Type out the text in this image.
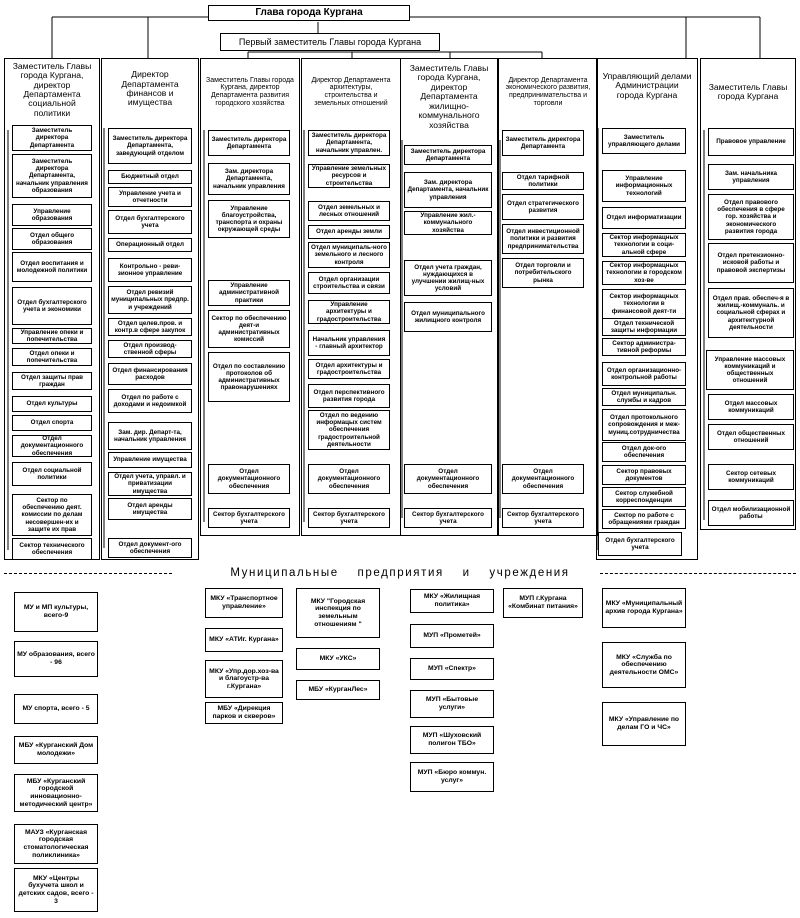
Глава города Кургана
Первый заместитель Главы города Кургана
Заместитель Главы города Кургана, директор Департамента социальной политики
Заместитель директора Департамента
Заместитель директора Департамента, начальник управления образования
Управление образования
Отдел общего образования
Отдел воспитания и молодежной политики
Отдел бухгалтерского учета и экономики
Управление опеки и попечительства
Отдел опеки и попечительства
Отдел защиты прав граждан
Отдел культуры
Отдел спорта
Отдел документационного обеспечения
Отдел социальной политики
Сектор по обеспечению деят. комиссии по делам несовершен-их и защите их прав
Сектор технического обеспечения
Директор Департамента финансов и имущества
Заместитель директора Департамента, заведующий отделом
Бюджетный отдел
Управление учета и отчетности
Отдел бухгалтерского учета
Операционный отдел
Контрольно - реви-зионное управление
Отдел ревизий муниципальных предпр. и учреждений
Отдел целев.пров. и контр.в сфере закупок
Отдел производ-ственной сферы
Отдел финансирования расходов
Отдел по работе с доходами и недоимкой
Зам. дир. Департ-та, начальник управления
Управление имущества
Отдел учета, управл. и приватизации имущества
Отдел аренды имущества
Отдел документ-ого обеспечения
Заместитель Главы города Кургана, директор Департамента развития городского хозяйства
Заместитель директора Департамента
Зам. директора Департамента, начальник управления
Управление благоустройства, транспорта и охраны окружающей среды
Управление административной практики
Сектор по обеспечению деят-и административных комиссий
Отдел по составлению протоколов об административных правонарушениях
Отдел документационного обеспечения
Сектор бухгалтерского учета
Директор Департамента архитектуры, строительства и земельных отношений
Заместитель директора Департамента, начальник управлен.
Управление земельных ресурсов и строительства
Отдел земельных и лесных отношений
Отдел аренды земли
Отдел муниципаль-ного земельного и лесного контроля
Отдел организации строительства и связи
Управление архитектуры и градостроительства
Начальник управления - главный архитектор
Отдел архитектуры и градостроительства
Отдел перспективного развития города
Отдел по ведению информацых систем обеспечения градостроительной деятельности
Отдел документационного обеспечения
Сектор бухгалтерского учета
Заместитель Главы города Кургана, директор Департамента жилищно-коммунального хозяйства
Заместитель директора Департамента
Зам. директора Департамента, начальник управления
Управление жил.-коммунального хозяйства
Отдел учета граждан, нуждающихся в улучшении жилищ-ных условий
Отдел муниципального жилищного контроля
Отдел документационного обеспечения
Сектор бухгалтерского учета
Директор Департамента экономического развития, предпринимательства и торговли
Заместитель директора Департамента
Отдел тарифной политики
Отдел стратегического развития
Отдел инвестиционной политики и развития предпринимательства
Отдел торговли и потребительского рынка
Отдел документационного обеспечения
Сектор бухгалтерского учета
Управляющий делами Администрации города Кургана
Заместитель управляющего делами
Управление информационных технологий
Отдел информатизации
Сектор информацных технологии в соци-альной сфере
Сектор информацных технологии в городском хоз-ве
Сектор информацных технологии в финансовой деят-ти
Отдел технической защиты информации
Сектор администра-тивной реформы
Отдел организационно-контрольной работы
Отдел муниципальн. службы и кадров
Отдел протокольного сопровождения и меж-муниц.сотрудничества
Отдел док-ого обеспечения
Сектор правовых документов
Сектор служебной корреспонденции
Сектор по работе с обращениями граждан
Отдел бухгалтерского учета
Заместитель Главы города Кургана
Правовое управление
Зам. начальника управления
Отдел правового обеспечения в сфере гор. хозяйства и экономического развития города
Отдел претензионно-исковой работы и правовой экспертизы
Отдел прав. обеспеч-я в жилищ.-коммуналь. и социальной сферах и архитектурной деятельности
Управление массовых коммуникаций и общественных отношений
Отдел массовых коммуникаций
Отдел общественных отношений
Сектор сетевых коммуникаций
Отдел мобилизационной работы
МУ и МП культуры, всего-9
МУ образования, всего - 96
МУ спорта, всего - 5
МБУ «Курганский Дом молодежи»
МБУ «Курганский городской инновационно-методический центр»
МАУЗ «Курганская городская стоматологическая поликлиника»
МКУ «Центры бухучета школ и детских садов, всего - 3
МКУ «Транспортное управление»
МКУ «АТИг. Кургана»
МКУ «Упр.дор.хоз-ва и благоустр-ва г.Кургана»
МБУ «Дирекция парков и скверов»
МКУ "Городская инспекция по земельным отношениям "
МКУ «УКС»
МБУ «КурганЛес»
МКУ «Жилищная политика»
МУП «Прометей»
МУП «Спектр»
МУП «Бытовые услуги»
МУП «Шуховский полигон ТБО»
МУП «Бюро коммун. услуг»
МУП г.Кургана «Комбинат питания»	МКУ «Муниципальный архив города Кургана»
МКУ «Служба по обеспечению деятельности ОМС»
МКУ «Управление по делам ГО и ЧС»
Муниципальные предприятия и учреждения
